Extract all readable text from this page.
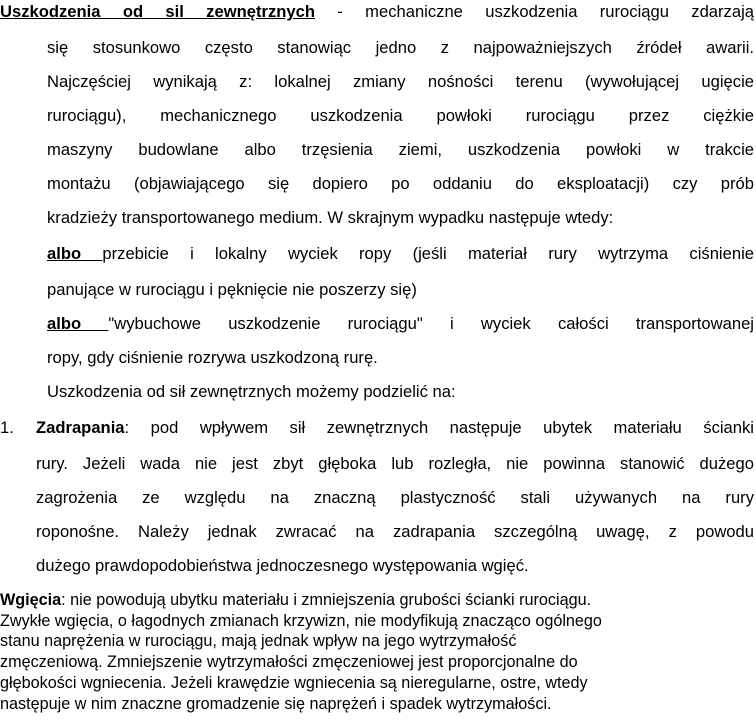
Uszkodzenia od sil zewnętrznych - mechaniczne uszkodzenia rurociągu zdarzają
się stosunkowo często stanowiąc jedno z najpoważniejszych źródeł awarii.
Najczęściej wynikają z: lokalnej zmiany nośności terenu (wywołującej ugięcie
rurociągu), mechanicznego uszkodzenia powłoki rurociągu przez ciężkie
maszyny budowlane albo trzęsienia ziemi, uszkodzenia powłoki w trakcie
montażu (objawiającego się dopiero po oddaniu do eksploatacji) czy prób
kradzieży transportowanego medium. W skrajnym wypadku następuje wtedy:
albo przebicie i lokalny wyciek ropy (jeśli materiał rury wytrzyma ciśnienie
panujące w rurociągu i pęknięcie nie poszerzy się)
albo "wybuchowe uszkodzenie rurociągu" i wyciek całości transportowanej
ropy, gdy ciśnienie rozrywa uszkodzoną rurę.
Uszkodzenia od sił zewnętrznych możemy podzielić na:
1. Zadrapania: pod wpływem sił zewnętrznych następuje ubytek materiału ścianki
rury. Jeżeli wada nie jest zbyt głęboka lub rozległa, nie powinna stanowić dużego
zagrożenia ze względu na znaczną plastyczność stali używanych na rury
roponośne. Należy jednak zwracać na zadrapania szczególną uwagę, z powodu
dużego prawdopodobieństwa jednoczesnego występowania wgięć.
Wgięcia: nie powodują ubytku materiału i zmniejszenia grubości ścianki rurociągu.
Zwykłe wgięcia, o łagodnych zmianach krzywizn, nie modyfikują znacząco ogólnego
stanu naprężenia w rurociągu, mają jednak wpływ na jego wytrzymałość
zmęczeniową. Zmniejszenie wytrzymałości zmęczeniowej jest proporcjonalne do
głębokości wgniecenia. Jeżeli krawędzie wgniecenia są nieregularne, ostre, wtedy
następuje w nim znaczne gromadzenie się naprężeń i spadek wytrzymałości.
